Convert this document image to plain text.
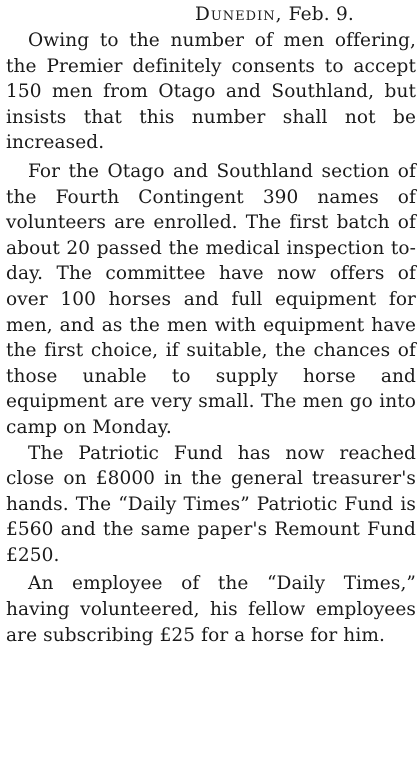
Dunedin, Feb. 9.

Owing to the number of men offering, the Premier definitely consents to accept 150 men from Otago and Southland, but insists that this number shall not be increased.

For the Otago and Southland section of the Fourth Contingent 390 names of volunteers are enrolled. The first batch of about 20 passed the medical inspection to-day. The committee have now offers of over 100 horses and full equipment for men, and as the men with equipment have the first choice, if suitable, the chances of those unable to supply horse and equipment are very small. The men go into camp on Monday.

The Patriotic Fund has now reached close on £8000 in the general treasurer's hands. The “Daily Times” Patriotic Fund is £560 and the same paper's Remount Fund £250.

An employee of the “Daily Times,” having volunteered, his fellow employees are subscribing £25 for a horse for him.
